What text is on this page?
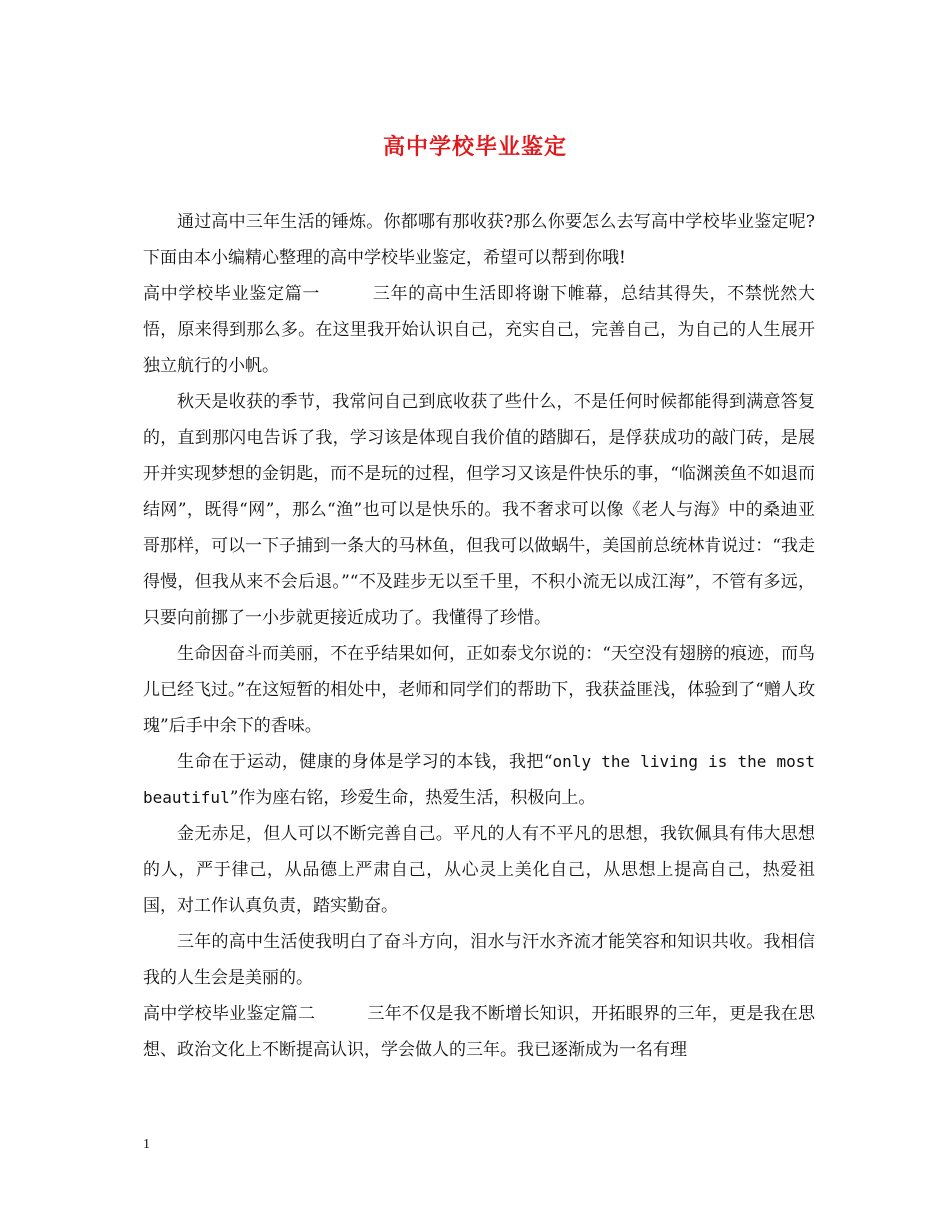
高中学校毕业鉴定

通过高中三年生活的锤炼。你都哪有那收获?那么你要怎么去写高中学校毕业鉴定呢?下面由本小编精心整理的高中学校毕业鉴定，希望可以帮到你哦!

高中学校毕业鉴定篇一	三年的高中生活即将谢下帷幕，总结其得失，不禁恍然大悟，原来得到那么多。在这里我开始认识自己，充实自己，完善自己，为自己的人生展开独立航行的小帆。

秋天是收获的季节，我常问自己到底收获了些什么，不是任何时候都能得到满意答复的，直到那闪电告诉了我，学习该是体现自我价值的踏脚石，是俘获成功的敲门砖，是展开并实现梦想的金钥匙，而不是玩的过程，但学习又该是件快乐的事，“临渊羡鱼不如退而结网”，既得“网”，那么“渔”也可以是快乐的。我不奢求可以像《老人与海》中的桑迪亚哥那样，可以一下子捕到一条大的马林鱼，但我可以做蜗牛，美国前总统林肯说过：“我走得慢，但我从来不会后退。”“不及跬步无以至千里，不积小流无以成江海”，不管有多远，只要向前挪了一小步就更接近成功了。我懂得了珍惜。

生命因奋斗而美丽，不在乎结果如何，正如泰戈尔说的：“天空没有翅膀的痕迹，而鸟儿已经飞过。”在这短暂的相处中，老师和同学们的帮助下，我获益匪浅，体验到了“赠人玫瑰”后手中余下的香味。

生命在于运动，健康的身体是学习的本钱，我把“only the living is the most beautiful”作为座右铭，珍爱生命，热爱生活，积极向上。

金无赤足，但人可以不断完善自己。平凡的人有不平凡的思想，我钦佩具有伟大思想的人，严于律己，从品德上严肃自己，从心灵上美化自己，从思想上提高自己，热爱祖国，对工作认真负责，踏实勤奋。

三年的高中生活使我明白了奋斗方向，泪水与汗水齐流才能笑容和知识共收。我相信我的人生会是美丽的。

高中学校毕业鉴定篇二	三年不仅是我不断增长知识，开拓眼界的三年，更是我在思想、政治文化上不断提高认识，学会做人的三年。我已逐渐成为一名有理

1
